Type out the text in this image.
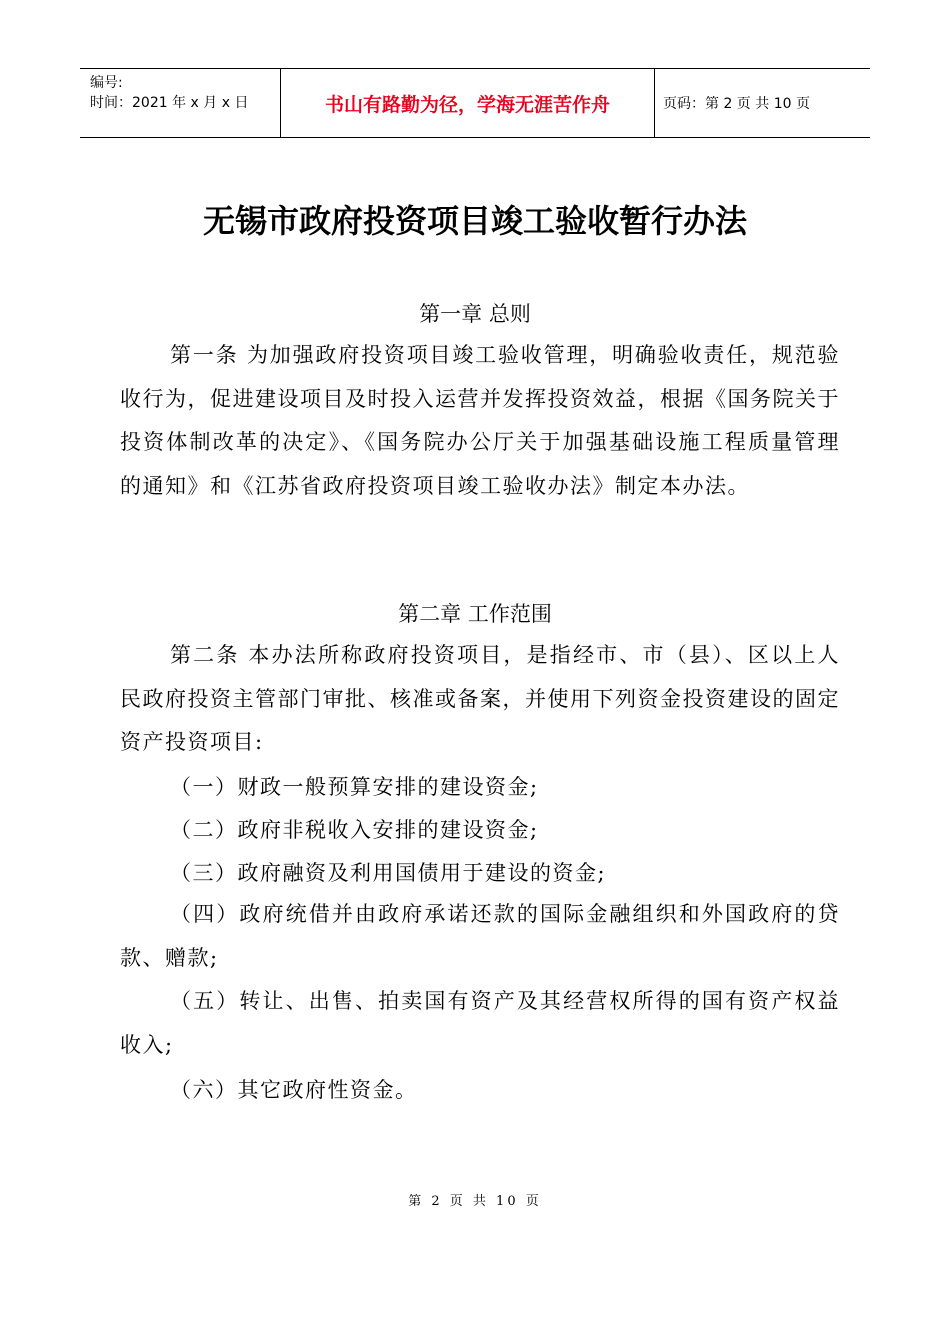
编号:
时间：2021 年 x 月 x 日	书山有路勤为径，学海无涯苦作舟	页码：第 2 页 共 10 页
无锡市政府投资项目竣工验收暂行办法
第一章 总则
第一条 为加强政府投资项目竣工验收管理，明确验收责任，规范验收行为，促进建设项目及时投入运营并发挥投资效益，根据《国务院关于投资体制改革的决定》、《国务院办公厅关于加强基础设施工程质量管理的通知》和《江苏省政府投资项目竣工验收办法》制定本办法。
第二章 工作范围
第二条 本办法所称政府投资项目，是指经市、市（县）、区以上人民政府投资主管部门审批、核准或备案，并使用下列资金投资建设的固定资产投资项目:
（一）财政一般预算安排的建设资金;
（二）政府非税收入安排的建设资金;
（三）政府融资及利用国债用于建设的资金;
（四）政府统借并由政府承诺还款的国际金融组织和外国政府的贷款、赠款;
（五）转让、出售、拍卖国有资产及其经营权所得的国有资产权益收入;
（六）其它政府性资金。
第 2 页 共 10 页
